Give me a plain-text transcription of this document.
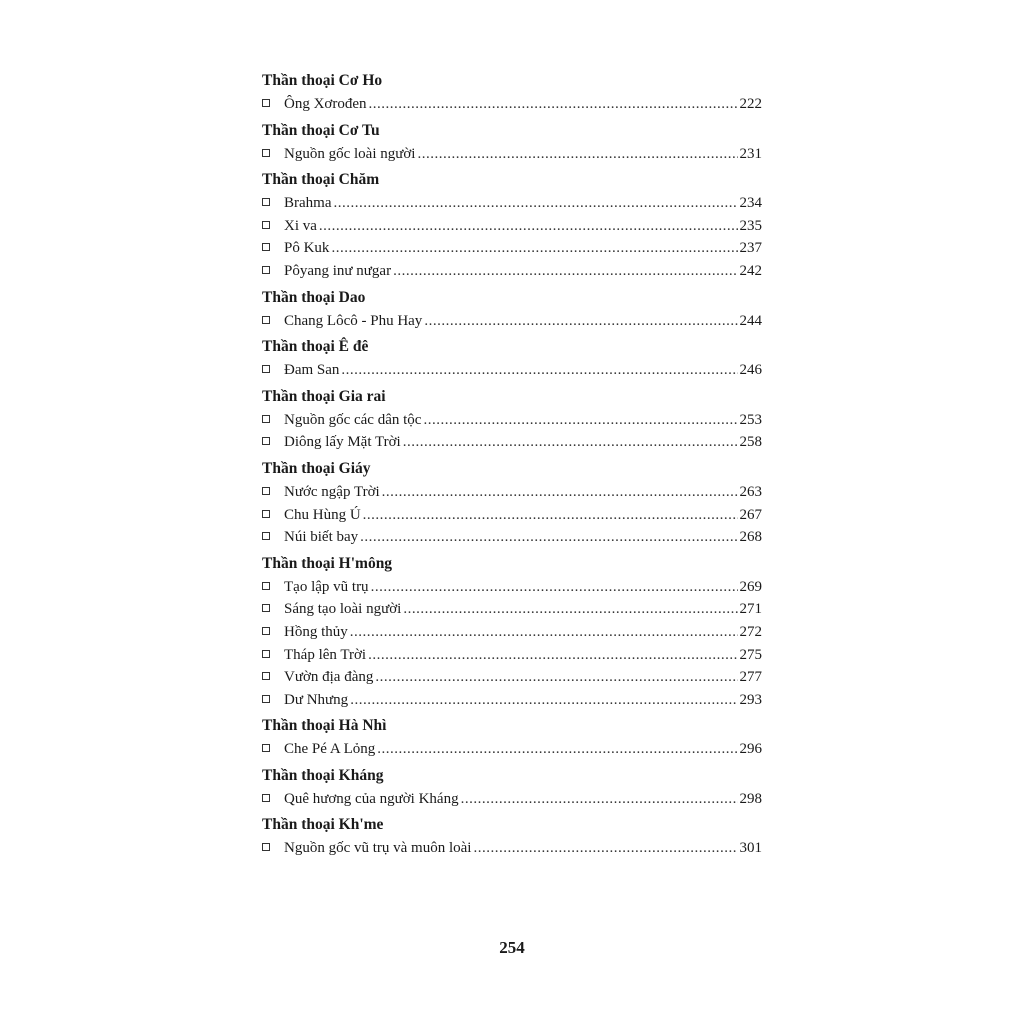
Thần thoại Cơ Ho
Ông Xơrođen .....	222
Thần thoại Cơ Tu
Nguồn gốc loài người .....	231
Thần thoại Chăm
Brahma .....	234
Xi va .....	235
Pô Kuk .....	237
Pôyang inư nưgar .....	242
Thần thoại Dao
Chang Lôcô - Phu Hay .....	244
Thần thoại Ê đê
Đam San .....	246
Thần thoại Gia rai
Nguồn gốc các dân tộc .....	253
Diông lấy Mặt Trời .....	258
Thần thoại Giáy
Nước ngập Trời .....	263
Chu Hùng Ú .....	267
Núi biết bay .....	268
Thần thoại H'mông
Tạo lập vũ trụ .....	269
Sáng tạo loài người .....	271
Hồng thủy .....	272
Tháp lên Trời .....	275
Vườn địa đàng .....	277
Dư Nhưng .....	293
Thần thoại Hà Nhì
Che Pé A Lỏng .....	296
Thần thoại Kháng
Quê hương của người Kháng .....	298
Thần thoại Kh'me
Nguồn gốc vũ trụ và muôn loài .....	301
254
